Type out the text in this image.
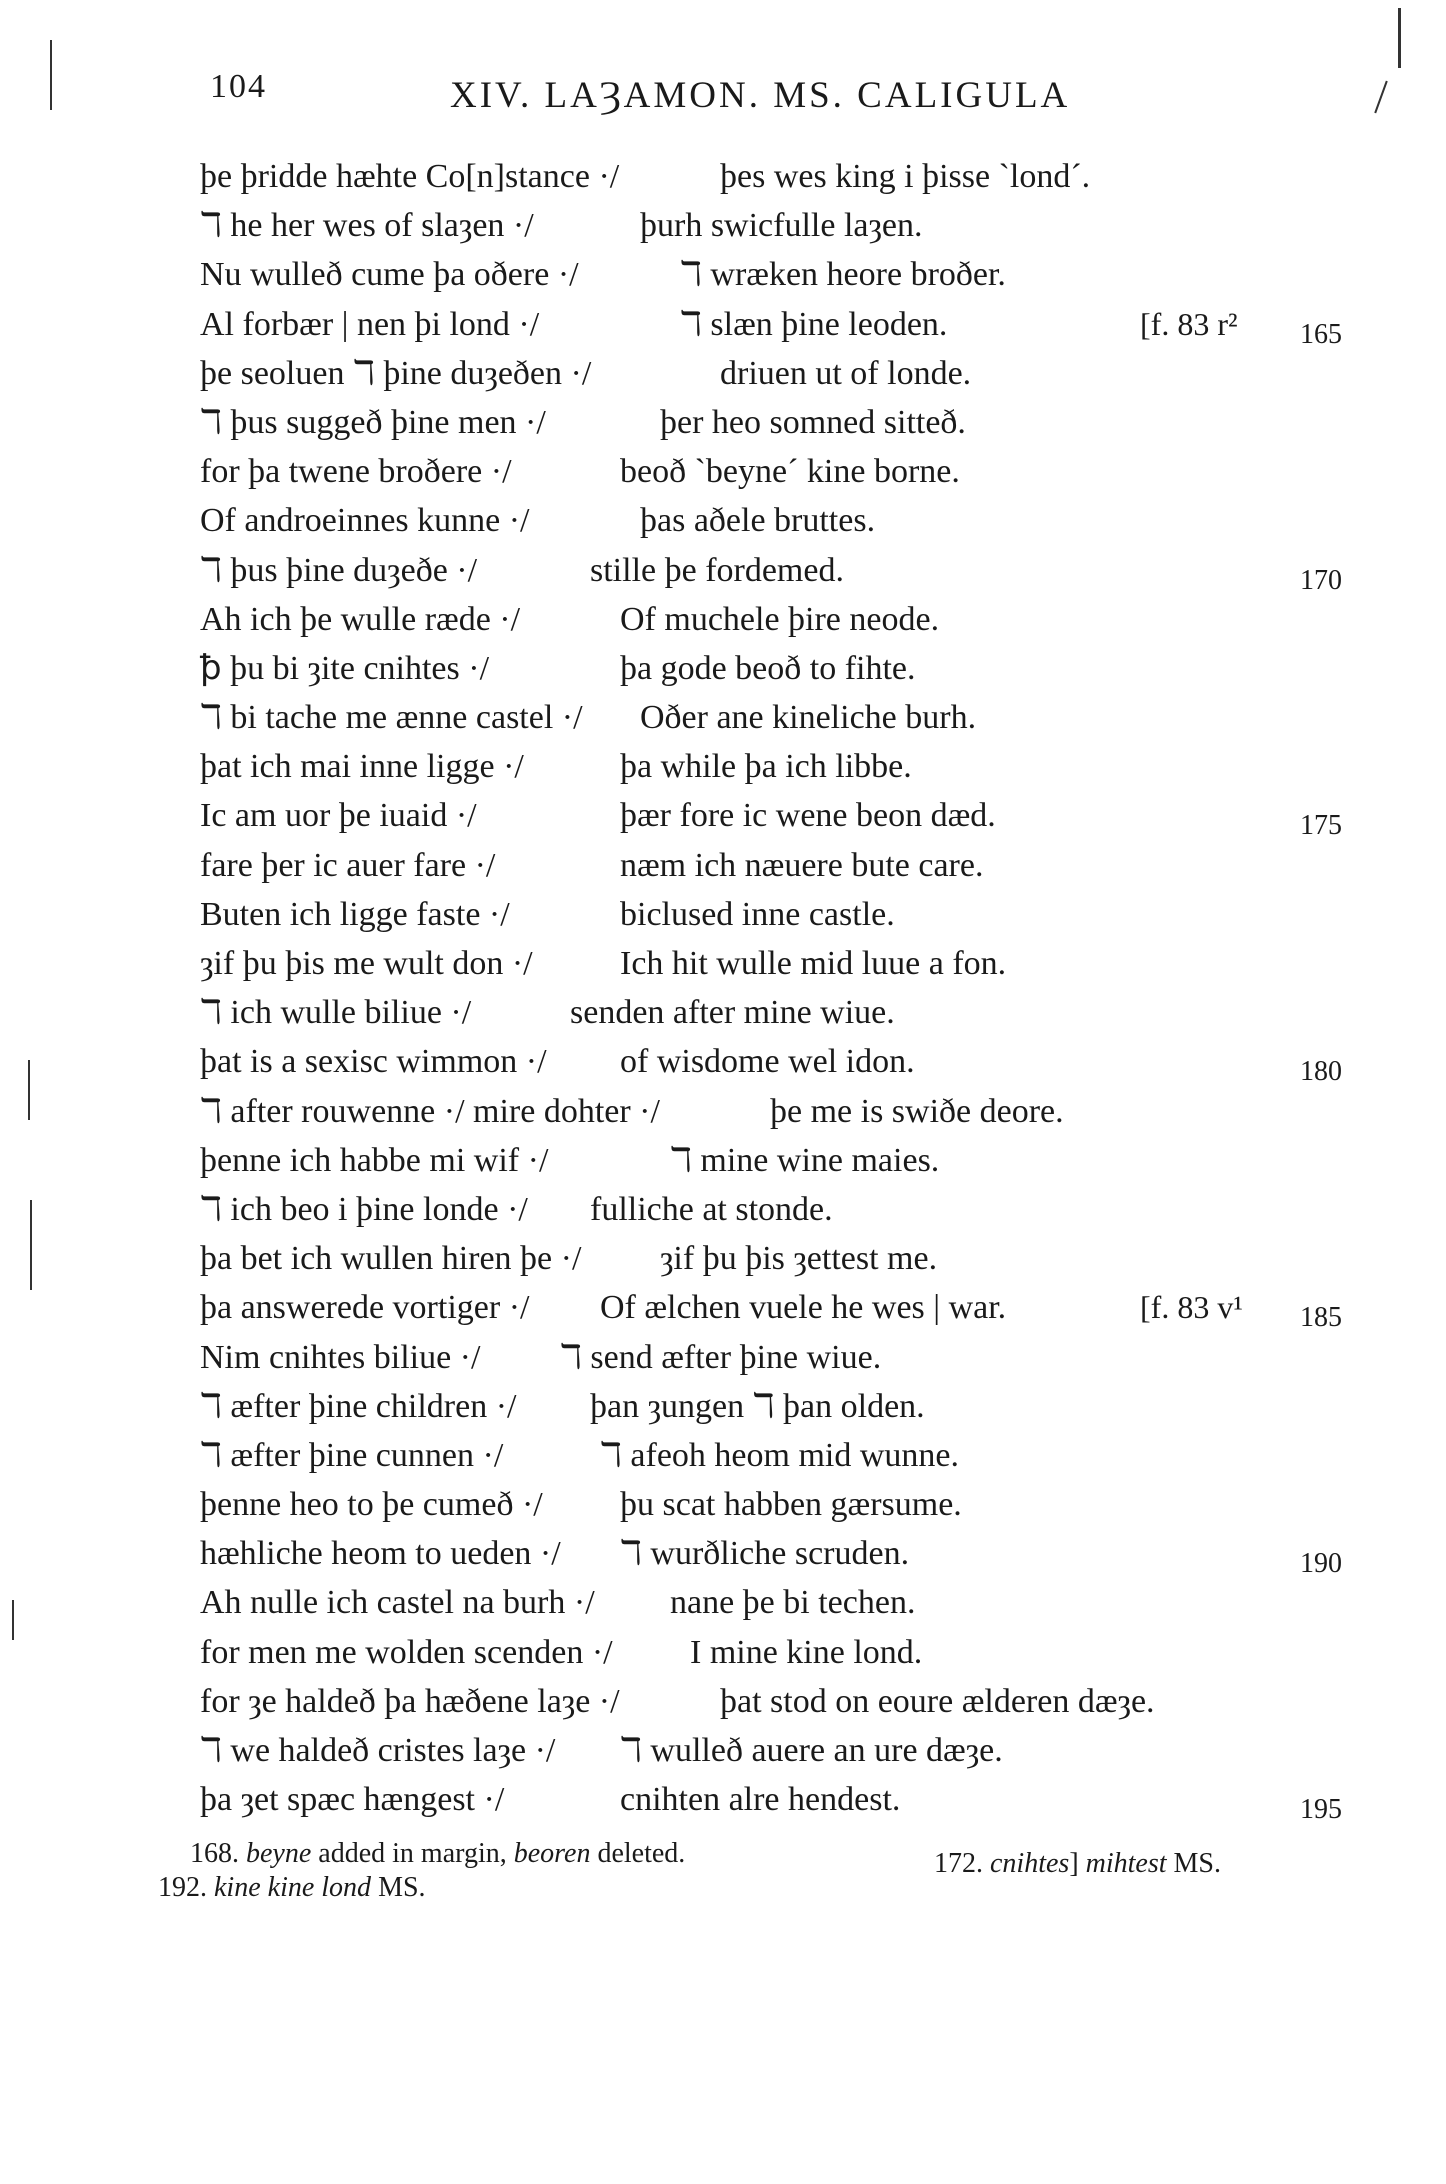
104	XIV. LAȜAMON. MS. CALIGULA
þe þridde hæhte Co[n]stance ·/	þes wes king i þisse ˋlondˊ.
ℸ he her wes of slaȝen ·/	þurh swicfulle laȝen.
Nu wulleð cume þa oðere ·/	ℸ wræken heore broðer.
Al forbær | nen þi lond ·/	ℸ slæn þine leoden.	[f. 83 r² 165
þe seoluen ℸ þine duȝeðen ·/	driuen ut of londe.
ℸ þus suggeð þine men ·/	þer heo somned sitteð.
for þa twene broðere ·/	beoð ˋbeyneˊ kine borne.
Of androeinnes kunne ·/	þas aðele bruttes.
ℸ þus þine duȝeðe ·/	stille þe fordemed.	170
Ah ich þe wulle ræde ·/	Of muchele þire neode.
ꝥ þu bi ȝite cnihtes ·/	þa gode beoð to fihte.
ℸ bi tache me ænne castel ·/ Oðer ane kineliche burh.
þat ich mai inne ligge ·/	þa while þa ich libbe.
Ic am uor þe iuaid ·/	þær fore ic wene beon dæd.	175
fare þer ic auer fare ·/	næm ich næuere bute care.
Buten ich ligge faste ·/	biclused inne castle.
ȝif þu þis me wult don ·/	Ich hit wulle mid luue a fon.
ℸ ich wulle biliue ·/	senden after mine wiue.
þat is a sexisc wimmon ·/ of wisdome wel idon.	180
ℸ after rouwenne ·/ mire dohter ·/	þe me is swiðe deore.
þenne ich habbe mi wif ·/	ℸ mine wine maies.
ℸ ich beo i þine londe ·/ fulliche at stonde.
þa bet ich wullen hiren þe ·/ ȝif þu þis ȝettest me.
þa answerede vortiger ·/ Of ælchen vuele he wes | war.	[f. 83 v¹ 185
Nim cnihtes biliue ·/ ℸ send æfter þine wiue.
ℸ æfter þine children ·/ þan ȝungen ℸ þan olden.
ℸ æfter þine cunnen ·/	ℸ afeoh heom mid wunne.
þenne heo to þe cumeð ·/ þu scat habben gærsume.
hæhliche heom to ueden ·/ ℸ wurðliche scruden.	190
Ah nulle ich castel na burh ·/ nane þe bi techen.
for men me wolden scenden ·/ I mine kine lond.
for ȝe haldeð þa hæðene laȝe ·/	þat stod on eoure ælderen dæȝe.
ℸ we haldeð cristes laȝe ·/ ℸ wulleð auere an ure dæȝe.
þa ȝet spæc hængest ·/	cnihten alre hendest.	195
168. beyne added in margin, beoren deleted.	172. cnihtes] mihtest MS.
192. kine kine lond MS.
